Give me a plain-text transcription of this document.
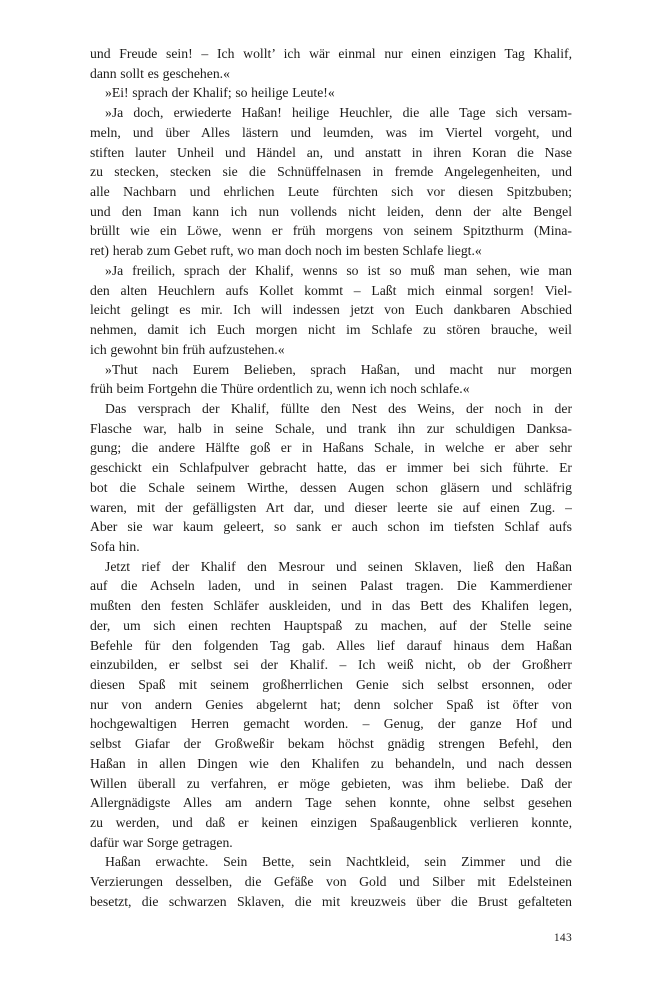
und Freude sein! – Ich wollt’ ich wär einmal nur einen einzigen Tag Khalif,
dann sollt es geschehen.«
»Ei! sprach der Khalif; so heilige Leute!«
»Ja doch, erwiederte Haßan! heilige Heuchler, die alle Tage sich versam-
meln, und über Alles lästern und leumden, was im Viertel vorgeht, und
stiften lauter Unheil und Händel an, und anstatt in ihren Koran die Nase
zu stecken, stecken sie die Schnüffelnasen in fremde Angelegenheiten, und
alle Nachbarn und ehrlichen Leute fürchten sich vor diesen Spitzbuben;
und den Iman kann ich nun vollends nicht leiden, denn der alte Bengel
brüllt wie ein Löwe, wenn er früh morgens von seinem Spitzthurm (Mina-
ret) herab zum Gebet ruft, wo man doch noch im besten Schlafe liegt.«
»Ja freilich, sprach der Khalif, wenns so ist so muß man sehen, wie man
den alten Heuchlern aufs Kollet kommt – Laßt mich einmal sorgen! Viel-
leicht gelingt es mir. Ich will indessen jetzt von Euch dankbaren Abschied
nehmen, damit ich Euch morgen nicht im Schlafe zu stören brauche, weil
ich gewohnt bin früh aufzustehen.«
»Thut nach Eurem Belieben, sprach Haßan, und macht nur morgen
früh beim Fortgehn die Thüre ordentlich zu, wenn ich noch schlafe.«
Das versprach der Khalif, füllte den Nest des Weins, der noch in der
Flasche war, halb in seine Schale, und trank ihn zur schuldigen Danksa-
gung; die andere Hälfte goß er in Haßans Schale, in welche er aber sehr
geschickt ein Schlafpulver gebracht hatte, das er immer bei sich führte. Er
bot die Schale seinem Wirthe, dessen Augen schon gläsern und schläfrig
waren, mit der gefälligsten Art dar, und dieser leerte sie auf einen Zug. –
Aber sie war kaum geleert, so sank er auch schon im tiefsten Schlaf aufs
Sofa hin.
Jetzt rief der Khalif den Mesrour und seinen Sklaven, ließ den Haßan
auf die Achseln laden, und in seinen Palast tragen. Die Kammerdiener
mußten den festen Schläfer auskleiden, und in das Bett des Khalifen legen,
der, um sich einen rechten Hauptspaß zu machen, auf der Stelle seine
Befehle für den folgenden Tag gab. Alles lief darauf hinaus dem Haßan
einzubilden, er selbst sei der Khalif. – Ich weiß nicht, ob der Großherr
diesen Spaß mit seinem großherrlichen Genie sich selbst ersonnen, oder
nur von andern Genies abgelernt hat; denn solcher Spaß ist öfter von
hochgewaltigen Herren gemacht worden. – Genug, der ganze Hof und
selbst Giafar der Großweßir bekam höchst gnädig strengen Befehl, den
Haßan in allen Dingen wie den Khalifen zu behandeln, und nach dessen
Willen überall zu verfahren, er möge gebieten, was ihm beliebe. Daß der
Allergnädigste Alles am andern Tage sehen konnte, ohne selbst gesehen
zu werden, und daß er keinen einzigen Spaßaugenblick verlieren konnte,
dafür war Sorge getragen.
Haßan erwachte. Sein Bette, sein Nachtkleid, sein Zimmer und die
Verzierungen desselben, die Gefäße von Gold und Silber mit Edelsteinen
besetzt, die schwarzen Sklaven, die mit kreuzweis über die Brust gefalteten
143
